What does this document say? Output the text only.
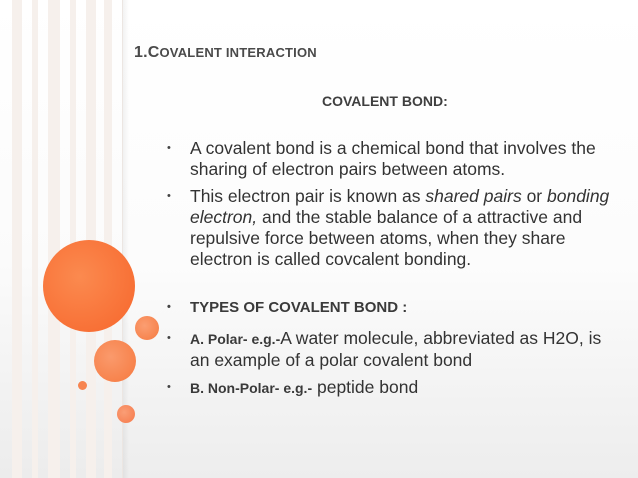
1.COVALENT INTERACTION
COVALENT BOND:
• A covalent bond is a chemical bond that involves the sharing of electron pairs between atoms.
• This electron pair is known as shared pairs or bonding electron, and the stable balance of a attractive and repulsive force between atoms, when they share electron is called covcalent bonding.
• TYPES OF COVALENT BOND :
• A. Polar- e.g.-A water molecule, abbreviated as H2O, is an example of a polar covalent bond
• B. Non-Polar- e.g.- peptide bond
